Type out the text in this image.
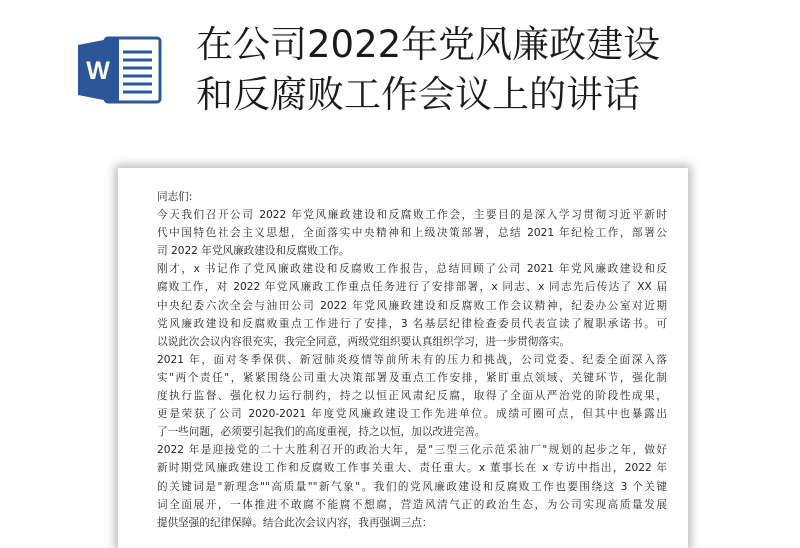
W
在公司2022年党风廉政建设
和反腐败工作会议上的讲话
同志们:
今天我们召开公司 2022 年党风廉政建设和反腐败工作会，主要目的是深入学习贯彻习近平新时
代中国特色社会主义思想，全面落实中央精神和上级决策部署，总结 2021 年纪检工作，部署公
司 2022 年党风廉政建设和反腐败工作。
刚才，x 书记作了党风廉政建设和反腐败工作报告，总结回顾了公司 2021 年党风廉政建设和反
腐败工作，对 2022 年党风廉政工作重点任务进行了安排部署，x 同志、x 同志先后传达了 XX 届
中央纪委六次全会与油田公司 2022 年党风廉政建设和反腐败工作会议精神，纪委办公室对近期
党风廉政建设和反腐败重点工作进行了安排，3 名基层纪律检查委员代表宣读了履职承诺书。可
以说此次会议内容很充实，我完全同意，两级党组织要认真组织学习，进一步贯彻落实。
2021 年，面对冬季保供、新冠肺炎疫情等前所未有的压力和挑战，公司党委、纪委全面深入落
实"两个责任"，紧紧围绕公司重大决策部署及重点工作安排，紧盯重点领域、关键环节，强化制
度执行监督、强化权力运行制约，持之以恒正风肃纪反腐，取得了全面从严治党的阶段性成果，
更是荣获了公司 2020-2021 年度党风廉政建设工作先进单位。成绩可圈可点，但其中也暴露出
了一些问题，必须要引起我们的高度重视，持之以恒，加以改进完善。
2022 年是迎接党的二十大胜利召开的政治大年，是"三型三化示范采油厂"规划的起步之年，做好
新时期党风廉政建设工作和反腐败工作事关重大、责任重大。x 董事长在 x 专访中指出，2022 年
的关键词是"新理念""高质量""新气象"。我们的党风廉政建设和反腐败工作也要围绕这 3 个关键
词全面展开，一体推进不敢腐不能腐不想腐，营造风清气正的政治生态，为公司实现高质量发展
提供坚强的纪律保障。结合此次会议内容，我再强调三点：
